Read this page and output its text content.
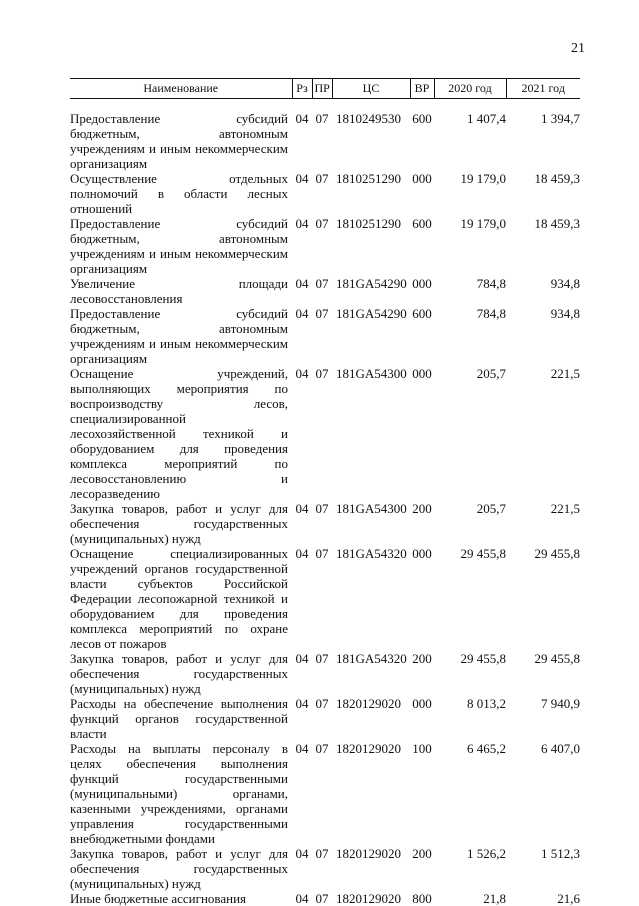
21
Наименование	Рз	ПР	ЦС	ВР	2020 год	2021 год
Предоставление субсидий бюджетным, автономным учреждениям и иным некоммерческим организациям	04	07	1810249530	600	1 407,4	1 394,7
Осуществление отдельных полномочий в области лесных отношений	04	07	1810251290	000	19 179,0	18 459,3
Предоставление субсидий бюджетным, автономным учреждениям и иным некоммерческим организациям	04	07	1810251290	600	19 179,0	18 459,3
Увеличение площади лесовосстановления	04	07	181GA54290	000	784,8	934,8
Предоставление субсидий бюджетным, автономным учреждениям и иным некоммерческим организациям	04	07	181GA54290	600	784,8	934,8
Оснащение учреждений, выполняющих мероприятия по воспроизводству лесов, специализированной лесохозяйственной техникой и оборудованием для проведения комплекса мероприятий по лесовосстановлению и лесоразведению	04	07	181GA54300	000	205,7	221,5
Закупка товаров, работ и услуг для обеспечения государственных (муниципальных) нужд	04	07	181GA54300	200	205,7	221,5
Оснащение специализированных учреждений органов государственной власти субъектов Российской Федерации лесопожарной техникой и оборудованием для проведения комплекса мероприятий по охране лесов от пожаров	04	07	181GA54320	000	29 455,8	29 455,8
Закупка товаров, работ и услуг для обеспечения государственных (муниципальных) нужд	04	07	181GA54320	200	29 455,8	29 455,8
Расходы на обеспечение выполнения функций органов государственной власти	04	07	1820129020	000	8 013,2	7 940,9
Расходы на выплаты персоналу в целях обеспечения выполнения функций государственными (муниципальными) органами, казенными учреждениями, органами управления государственными внебюджетными фондами	04	07	1820129020	100	6 465,2	6 407,0
Закупка товаров, работ и услуг для обеспечения государственных (муниципальных) нужд	04	07	1820129020	200	1 526,2	1 512,3
Иные бюджетные ассигнования	04	07	1820129020	800	21,8	21,6
